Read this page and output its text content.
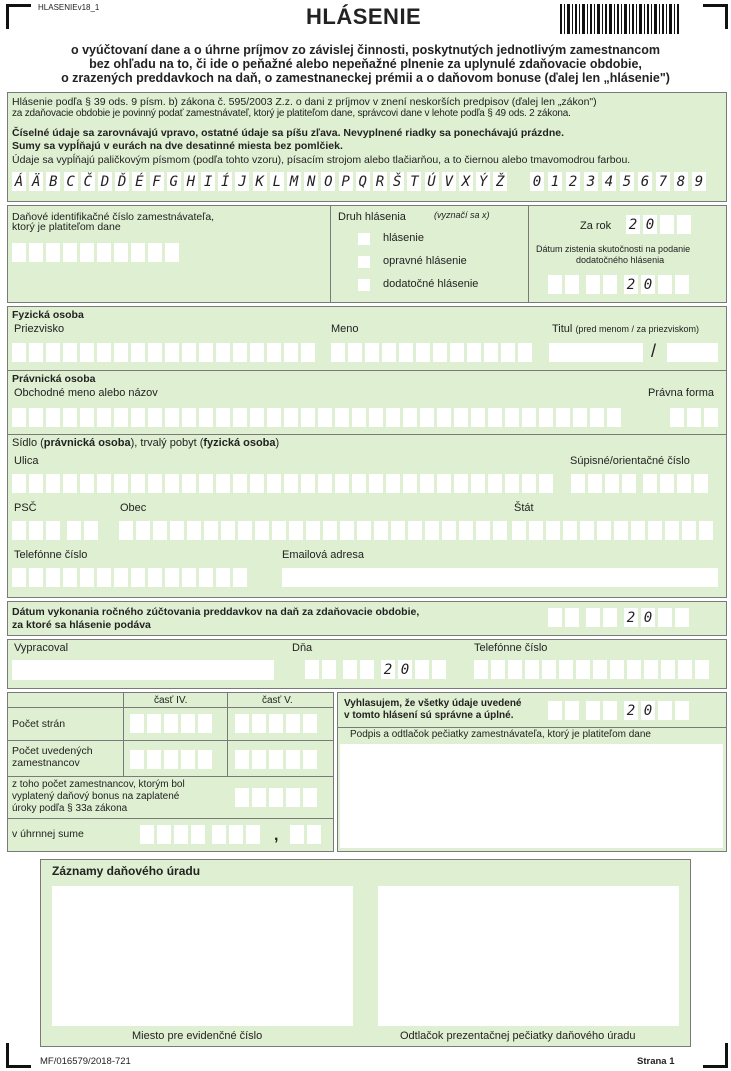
HLASENIEv18_1	HLÁSENIE
o vyúčtovaní dane a o úhrne príjmov zo závislej činnosti, poskytnutých jednotlivým zamestnancom
bez ohľadu na to, či ide o peňažné alebo nepeňažné plnenie za uplynulé zdaňovacie obdobie,
o zrazených preddavkoch na daň, o zamestnaneckej prémii a o daňovom bonuse (ďalej len „hlásenie")
Hlásenie podľa § 39 ods. 9 písm. b) zákona č. 595/2003 Z.z. o dani z príjmov v znení neskorších predpisov (ďalej len „zákon")
za zdaňovacie obdobie je povinný podať zamestnávateľ, ktorý je platiteľom dane, správcovi dane v lehote podľa § 49 ods. 2 zákona.
Číselné údaje sa zarovnávajú vpravo, ostatné údaje sa píšu zľava. Nevyplnené riadky sa ponechávajú prázdne.
Sumy sa vypĺňajú v eurách na dve desatinné miesta bez pomlčiek.
Údaje sa vypĺňajú paličkovým písmom (podľa tohto vzoru), písacím strojom alebo tlačiarňou, a to čiernou alebo tmavomodrou farbou.
Á Ä B C Č D Ď É F G H I Í J K L M N O P Q R Š T Ú V X Ý Ž 0 1 2 3 4 5 6 7 8 9
Daňové identifikačné číslo zamestnávateľa,
ktorý je platiteľom dane
Druh hlásenia	(vyznačí sa x)
hlásenie
opravné hlásenie
dodatočné hlásenie
Za rok 2 0
Dátum zistenia skutočnosti na podanie
dodatočného hlásenia
2 0
Fyzická osoba
Priezvisko	Meno	Titul (pred menom / za priezviskom)
/
Právnická osoba
Obchodné meno alebo názov	Právna forma
Sídlo (právnická osoba), trvalý pobyt (fyzická osoba)
Ulica	Súpisné/orientačné číslo
PSČ	Obec	Štát
Telefónne číslo	Emailová adresa
Dátum vykonania ročného zúčtovania preddavkov na daň za zdaňovacie obdobie,
za ktoré sa hlásenie podáva	2 0
Vypracoval	Dňa	Telefónne číslo
2 0
časť IV.	časť V.
Počet strán
Počet uvedených
zamestnancov
z toho počet zamestnancov, ktorým bol
vyplatený daňový bonus na zaplatené
úroky podľa § 33a zákona
v úhrnnej sume	,
Vyhlasujem, že všetky údaje uvedené
v tomto hlásení sú správne a úplné.	2 0
Podpis a odtlačok pečiatky zamestnávateľa, ktorý je platiteľom dane
Záznamy daňového úradu
Miesto pre evidenčné číslo	Odtlačok prezentačnej pečiatky daňového úradu
MF/016579/2018-721	Strana 1
